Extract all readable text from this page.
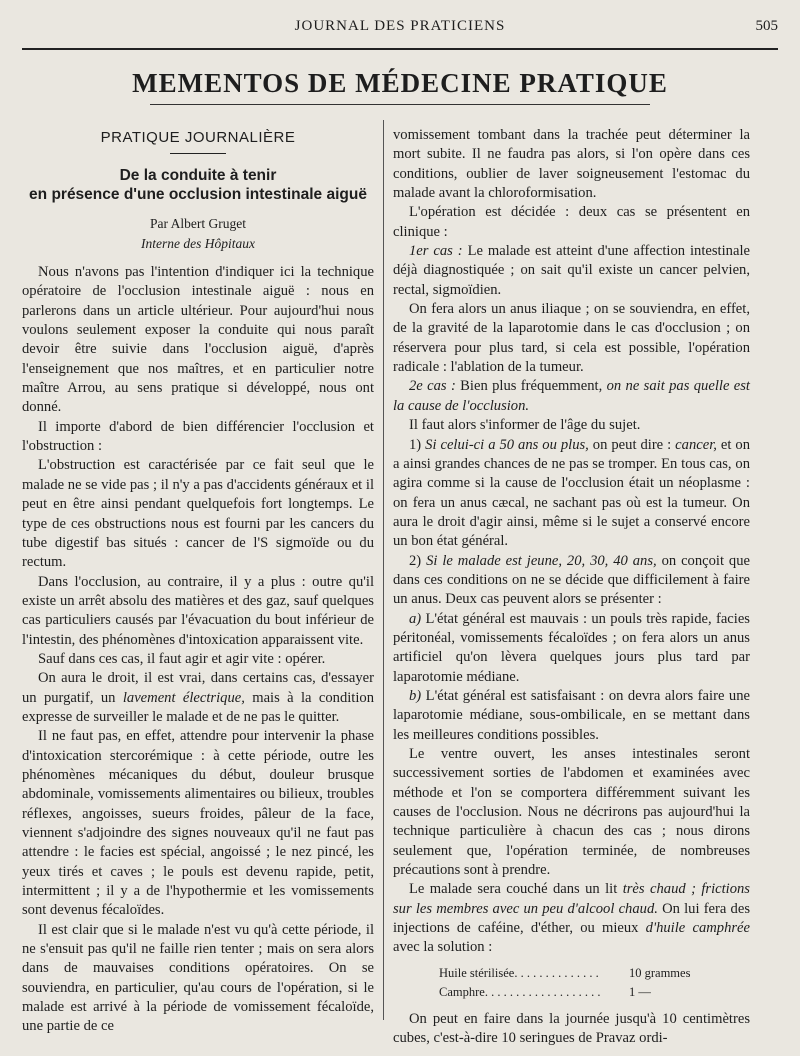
JOURNAL DES PRATICIENS	505
MEMENTOS DE MÉDECINE PRATIQUE
PRATIQUE JOURNALIÈRE
De la conduite à tenir
en présence d'une occlusion intestinale aiguë
Par Albert Gruget
Interne des Hôpitaux

Nous n'avons pas l'intention d'indiquer ici la technique opératoire de l'occlusion intestinale aiguë : nous en parlerons dans un article ultérieur. Pour aujourd'hui nous voulons seulement exposer la conduite qui nous paraît devoir être suivie dans l'occlusion aiguë, d'après l'enseignement que nos maîtres, et en particulier notre maître Arrou, au sens pratique si développé, nous ont donné.

Il importe d'abord de bien différencier l'occlusion et l'obstruction :

L'obstruction est caractérisée par ce fait seul que le malade ne se vide pas ; il n'y a pas d'accidents généraux et il peut en être ainsi pendant quelquefois fort longtemps. Le type de ces obstructions nous est fourni par les cancers du tube digestif bas situés : cancer de l'S sigmoïde ou du rectum.

Dans l'occlusion, au contraire, il y a plus : outre qu'il existe un arrêt absolu des matières et des gaz, sauf quelques cas particuliers causés par l'évacuation du bout inférieur de l'intestin, des phénomènes d'intoxication apparaissent vite.

Sauf dans ces cas, il faut agir et agir vite : opérer.

On aura le droit, il est vrai, dans certains cas, d'essayer un purgatif, un lavement électrique, mais à la condition expresse de surveiller le malade et de ne pas le quitter.

Il ne faut pas, en effet, attendre pour intervenir la phase d'intoxication stercorémique : à cette période, outre les phénomènes mécaniques du début, douleur brusque abdominale, vomissements alimentaires ou bilieux, troubles réflexes, angoisses, sueurs froides, pâleur de la face, viennent s'adjoindre des signes nouveaux qu'il ne faut pas attendre : le facies est spécial, angoissé ; le nez pincé, les yeux tirés et caves ; le pouls est devenu rapide, petit, intermittent ; il y a de l'hypothermie et les vomissements sont devenus fécaloïdes.

Il est clair que si le malade n'est vu qu'à cette période, il ne s'ensuit pas qu'il ne faille rien tenter ; mais on sera alors dans de mauvaises conditions opératoires. On se souviendra, en particulier, qu'au cours de l'opération, si le malade est arrivé à la période de vomissement fécaloïde, une partie de ce

vomissement tombant dans la trachée peut déterminer la mort subite. Il ne faudra pas alors, si l'on opère dans ces conditions, oublier de laver soigneusement l'estomac du malade avant la chloroformisation.

L'opération est décidée : deux cas se présentent en clinique :

1er cas : Le malade est atteint d'une affection intestinale déjà diagnostiquée ; on sait qu'il existe un cancer pelvien, rectal, sigmoïdien.

On fera alors un anus iliaque ; on se souviendra, en effet, de la gravité de la laparotomie dans le cas d'occlusion ; on réservera pour plus tard, si cela est possible, l'opération radicale : l'ablation de la tumeur.

2e cas : Bien plus fréquemment, on ne sait pas quelle est la cause de l'occlusion.

Il faut alors s'informer de l'âge du sujet.

1) Si celui-ci a 50 ans ou plus, on peut dire : cancer, et on a ainsi grandes chances de ne pas se tromper. En tous cas, on agira comme si la cause de l'occlusion était un néoplasme : on fera un anus cæcal, ne sachant pas où est la tumeur. On aura le droit d'agir ainsi, même si le sujet a conservé encore un bon état général.

2) Si le malade est jeune, 20, 30, 40 ans, on conçoit que dans ces conditions on ne se décide que difficilement à faire un anus. Deux cas peuvent alors se présenter :

a) L'état général est mauvais : un pouls très rapide, facies péritonéal, vomissements fécaloïdes ; on fera alors un anus artificiel qu'on lèvera quelques jours plus tard par laparotomie médiane.

b) L'état général est satisfaisant : on devra alors faire une laparotomie médiane, sous-ombilicale, en se mettant dans les meilleures conditions possibles.

Le ventre ouvert, les anses intestinales seront successivement sorties de l'abdomen et examinées avec méthode et l'on se comportera différemment suivant les causes de l'occlusion. Nous ne décrirons pas aujourd'hui la technique particulière à chacun des cas ; nous dirons seulement que, l'opération terminée, de nombreuses précautions sont à prendre.

Le malade sera couché dans un lit très chaud ; frictions sur les membres avec un peu d'alcool chaud. On lui fera des injections de caféine, d'éther, ou mieux d'huile camphrée avec la solution :

Huile stérilisée. . . . . . . . . . . . . .	10 grammes
Camphre. . . . . . . . . . . . . . . . . . .	1 —

On peut en faire dans la journée jusqu'à 10 centimètres cubes, c'est-à-dire 10 seringues de Pravaz ordi-
